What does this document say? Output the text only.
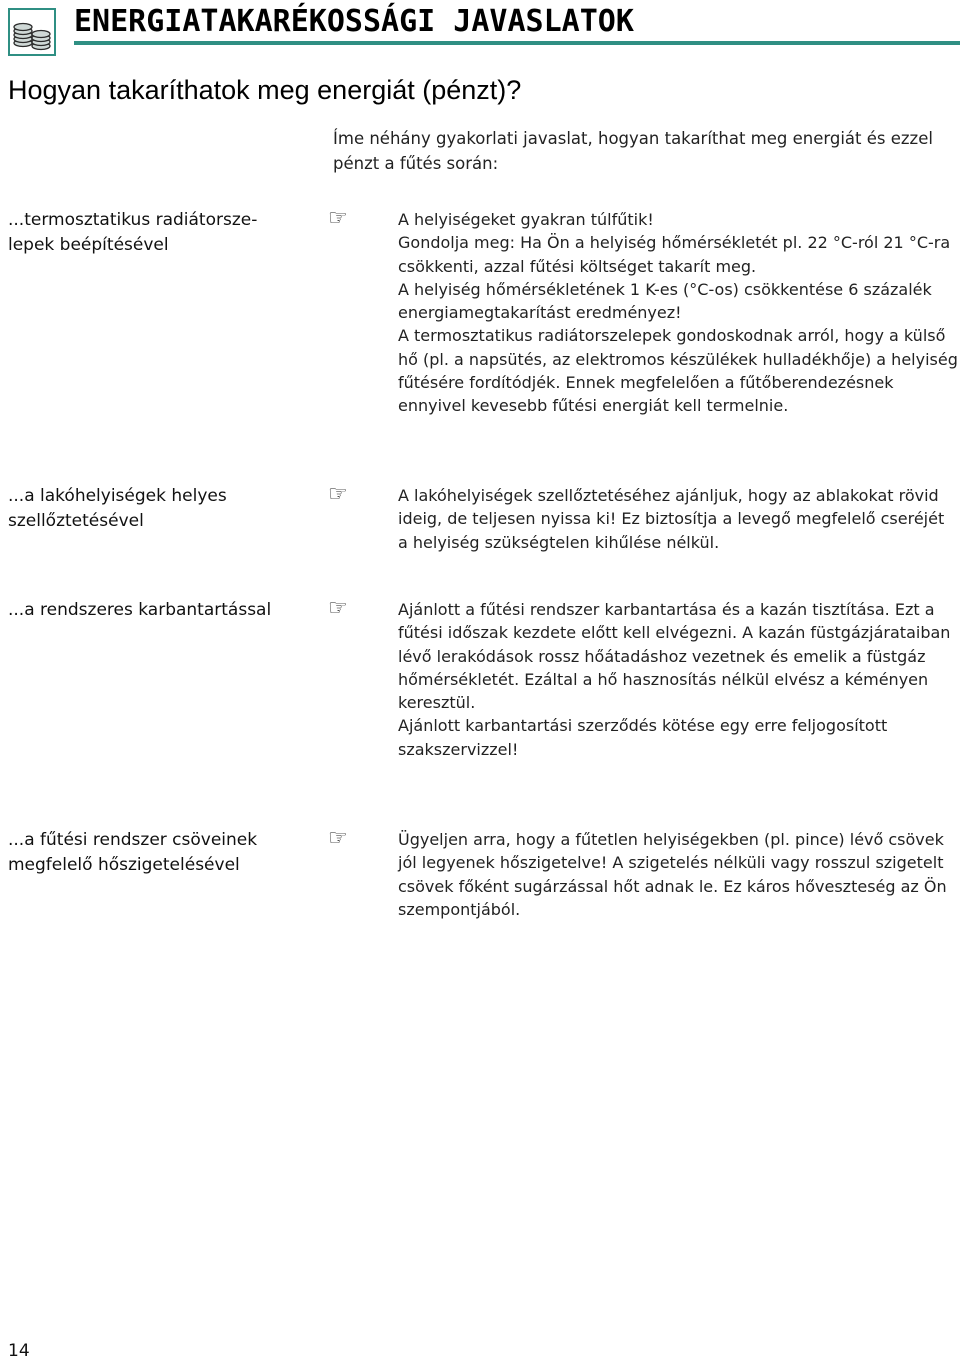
ENERGIATAKARÉKOSSÁGI JAVASLATOK
Hogyan takaríthatok meg energiát (pénzt)?
Íme néhány gyakorlati javaslat, hogyan takaríthat meg energiát és ezzel pénzt a fűtés során:
...termosztatikus radiátorsze-
lepek beépítésével
☞	A helyiségeket gyakran túlfűtik!
Gondolja meg: Ha Ön a helyiség hőmérsékletét pl. 22 °C-ról 21 °C-ra csökkenti, azzal fűtési költséget takarít meg.

A helyiség hőmérsékletének 1 K-es (°C-os) csökkentése 6 százalék energiamegtakarítást eredményez!

A termosztatikus radiátorszelepek gondoskodnak arról, hogy a külső hő (pl. a napsütés, az elektromos készülékek hulladékhője) a helyiség fűtésére fordítódjék. Ennek megfelelően a fűtőberendezésnek ennyivel kevesebb fűtési energiát kell termelnie.

...a lakóhelyiségek helyes
szellőztetésével
☞	A lakóhelyiségek szellőztetéséhez ajánljuk, hogy az ablakokat rövid ideig, de teljesen nyissa ki! Ez biztosítja a levegő megfelelő cseréjét a helyiség szükségtelen kihűlése nélkül.

...a rendszeres karbantartással	☞	Ajánlott a fűtési rendszer karbantartása és a kazán tisztítása. Ezt a fűtési időszak kezdete előtt kell elvégezni. A kazán füstgázjárataiban lévő lerakódások rossz hőátadáshoz vezetnek és emelik a füstgáz hőmérsékletét. Ezáltal a hő hasznosítás nélkül elvész a kéményen keresztül.

Ajánlott karbantartási szerződés kötése egy erre feljogosított szakszervizzel!

...a fűtési rendszer csöveinek
megfelelő hőszigetelésével
☞	Ügyeljen arra, hogy a fűtetlen helyiségekben (pl. pince) lévő csövek jól legyenek hőszigetelve! A szigetelés nélküli vagy rosszul szigetelt csövek főként sugárzással hőt adnak le. Ez káros hőveszteség az Ön szempontjából.

14
